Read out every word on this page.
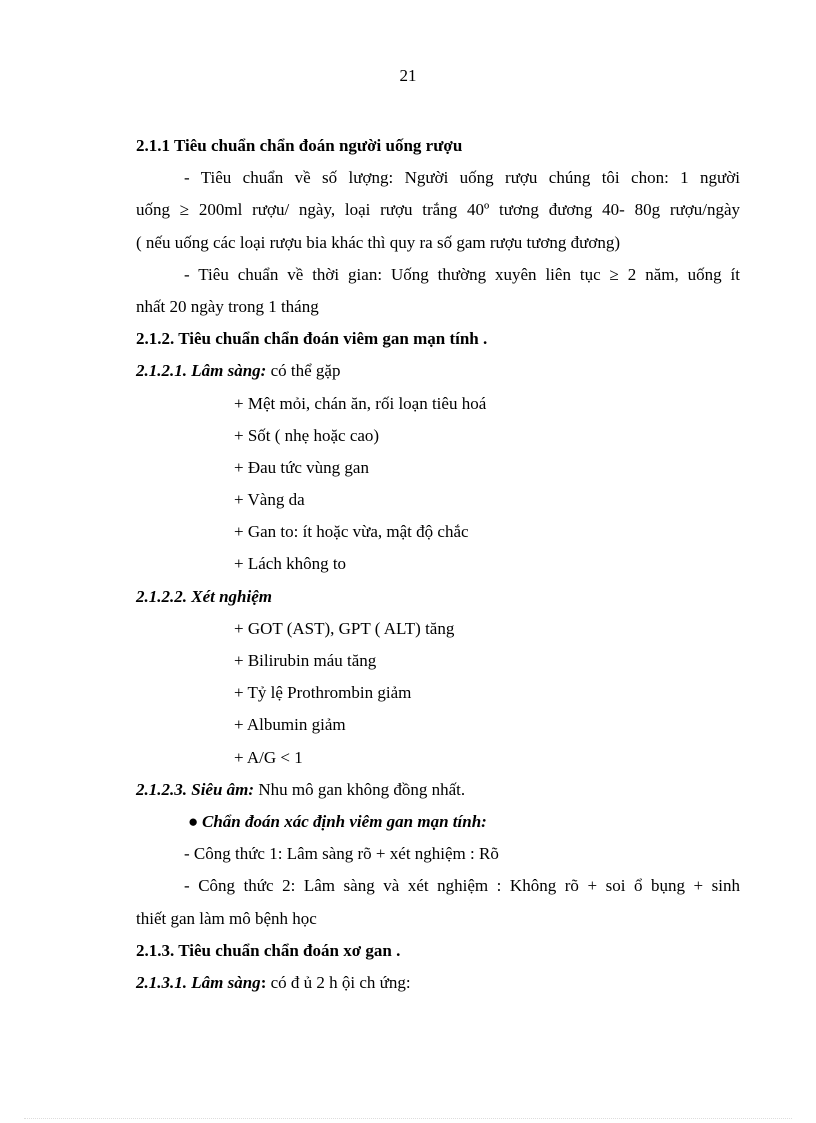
21
2.1.1 Tiêu chuẩn chẩn đoán người uống rượu
- Tiêu chuẩn về số lượng: Người uống rượu chúng tôi chon: 1 người
uống ≥ 200ml rượu/ ngày, loại rượu trắng 40º tương đương 40- 80g rượu/ngày
( nếu uống các loại rượu bia khác thì quy ra số gam rượu tương đương)
- Tiêu chuẩn về thời gian: Uống thường xuyên liên tục ≥ 2 năm, uống ít
nhất 20 ngày trong 1 tháng
2.1.2. Tiêu chuẩn chẩn đoán viêm gan mạn tính .
2.1.2.1. Lâm sàng: có thể gặp
+ Mệt mỏi, chán ăn, rối loạn tiêu hoá
+ Sốt ( nhẹ hoặc cao)
+ Đau tức vùng gan
+ Vàng da
+ Gan to: ít hoặc vừa, mật độ chắc
+ Lách không to
2.1.2.2. Xét nghiệm
+ GOT (AST), GPT ( ALT) tăng
+ Bilirubin máu tăng
+ Tỷ lệ Prothrombin giảm
+ Albumin giảm
+ A/G < 1
2.1.2.3. Siêu âm: Nhu mô gan không đồng nhất.
● Chẩn đoán xác định viêm gan mạn tính:
- Công thức 1: Lâm sàng rõ + xét nghiệm : Rõ
- Công thức 2: Lâm sàng và xét nghiệm : Không rõ + soi ổ bụng + sinh
thiết gan làm mô bệnh học
2.1.3. Tiêu chuẩn chẩn đoán xơ gan .
2.1.3.1. Lâm sàng: có đ ủ 2 h ội ch ứng:
